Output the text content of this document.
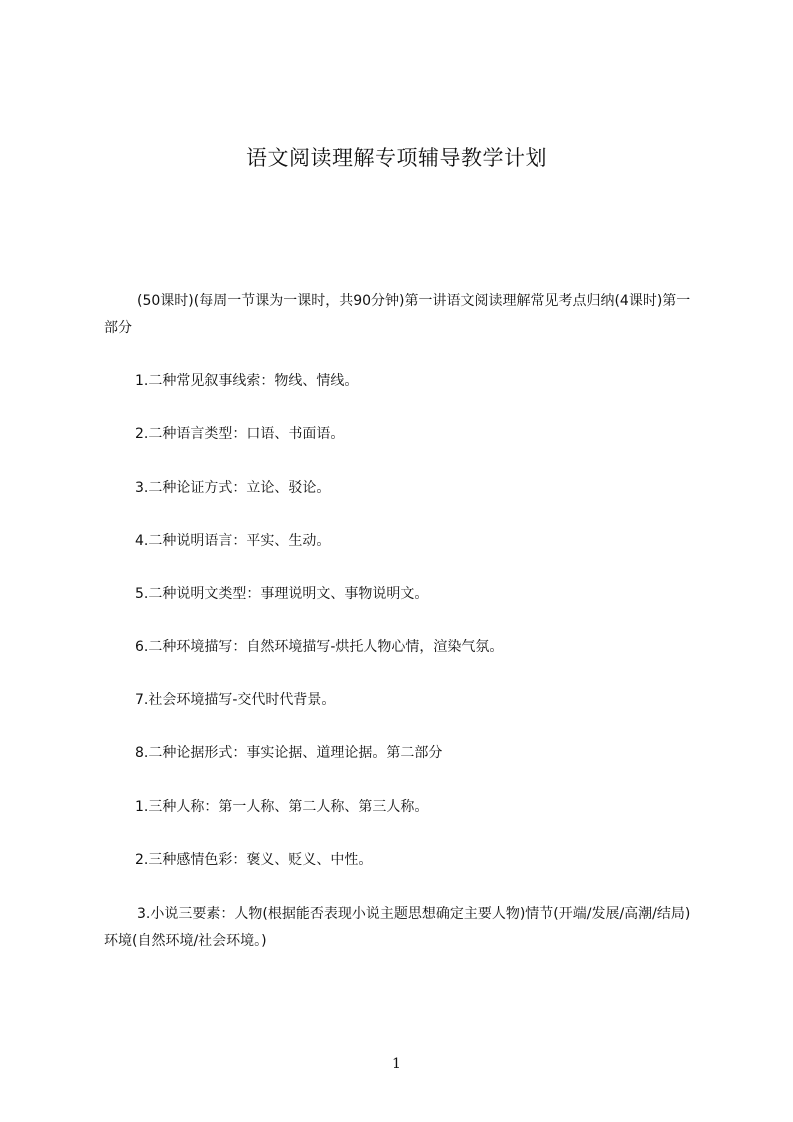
语文阅读理解专项辅导教学计划
(50课时)(每周一节课为一课时，共90分钟)第一讲语文阅读理解常见考点归纳(4课时)第一部分
1.二种常见叙事线索：物线、情线。
2.二种语言类型：口语、书面语。
3.二种论证方式：立论、驳论。
4.二种说明语言：平实、生动。
5.二种说明文类型：事理说明文、事物说明文。
6.二种环境描写：自然环境描写-烘托人物心情，渲染气氛。
7.社会环境描写-交代时代背景。
8.二种论据形式：事实论据、道理论据。第二部分
1.三种人称：第一人称、第二人称、第三人称。
2.三种感情色彩：褒义、贬义、中性。
3.小说三要素：人物(根据能否表现小说主题思想确定主要人物)情节(开端/发展/高潮/结局)环境(自然环境/社会环境。)
1
